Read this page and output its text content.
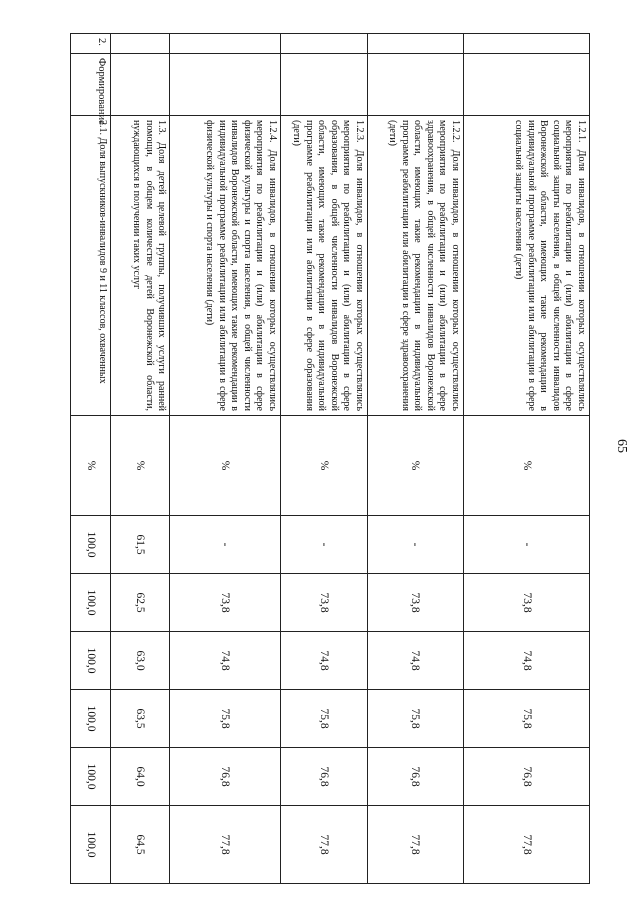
65
		1.2.1. Доля инвалидов, в отношении которых осуществлялись мероприятия по реабилитации и (или) абилитации в сфере социальной защиты населения, в общей численности инвалидов Воронежской области, имеющих такие рекомендации в индивидуальной программе реабилитации или абилитации в сфере социальной защиты населения (дети)	%	-	73,8	74,8	75,8	76,8	77,8
		1.2.2. Доля инвалидов, в отношении которых осуществлялись мероприятия по реабилитации и (или) абилитации в сфере здравоохранения, в общей численности инвалидов Воронежской области, имеющих такие рекомендации в индивидуальной программе реабилитации или абилитации в сфере здравоохранения (дети)	%	-	73,8	74,8	75,8	76,8	77,8
		1.2.3. Доля инвалидов, в отношении которых осуществлялись мероприятия по реабилитации и (или) абилитации в сфере образования, в общей численности инвалидов Воронежской области, имеющих такие рекомендации в индивидуальной программе реабилитации или абилитации в сфере образования (дети)	%	-	73,8	74,8	75,8	76,8	77,8
		1.2.4. Доля инвалидов, в отношении которых осуществлялись мероприятия по реабилитации и (или) абилитации в сфере физической культуры и спорта населения, в общей численности инвалидов Воронежской области, имеющих такие рекомендации в индивидуальной программе реабилитации или абилитации в сфере физической культуры и спорта населения (дети)	%	-	73,8	74,8	75,8	76,8	77,8
		1.3. Доля детей целевой группы, получивших услуги ранней помощи, в общем количестве детей Воронежской области, нуждающихся в получении таких услуг	%	61,5	62,5	63,0	63,5	64,0	64,5
2.	Формирование	2.1. Доля выпускников-инвалидов 9 и 11 классов, охваченных	%	100,0	100,0	100,0	100,0	100,0	100,0
